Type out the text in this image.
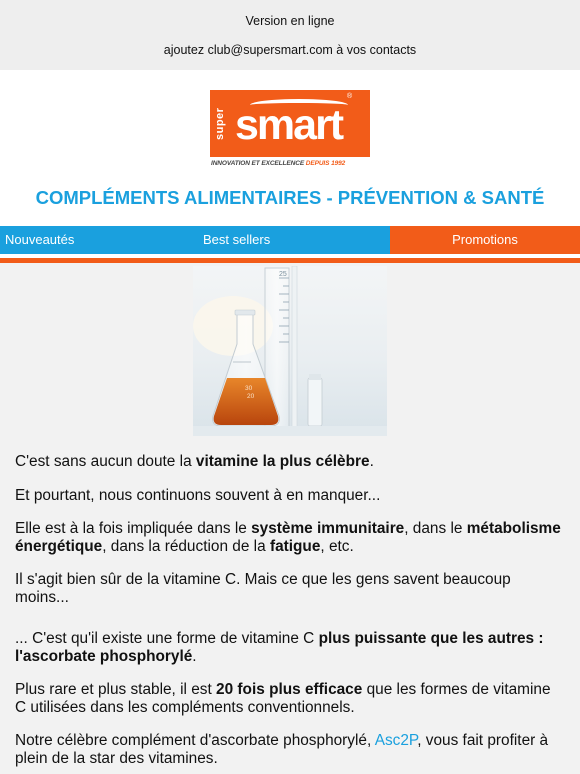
Version en ligne
ajoutez club@supersmart.com à vos contacts
super smart
®
INNOVATION ET EXCELLENCE DEPUIS 1992
COMPLÉMENTS ALIMENTAIRES - PRÉVENTION & SANTÉ
Nouveautés	Best sellers	Promotions
25
30
20

C'est sans aucun doute la vitamine la plus célèbre.

Et pourtant, nous continuons souvent à en manquer...

Elle est à la fois impliquée dans le système immunitaire, dans le métabolisme énergétique, dans la réduction de la fatigue, etc.

Il s'agit bien sûr de la vitamine C. Mais ce que les gens savent beaucoup moins...

... C'est qu'il existe une forme de vitamine C plus puissante que les autres : l'ascorbate phosphorylé.

Plus rare et plus stable, il est 20 fois plus efficace que les formes de vitamine C utilisées dans les compléments conventionnels.

Notre célèbre complément d'ascorbate phosphorylé, Asc2P, vous fait profiter à plein de la star des vitamines.
